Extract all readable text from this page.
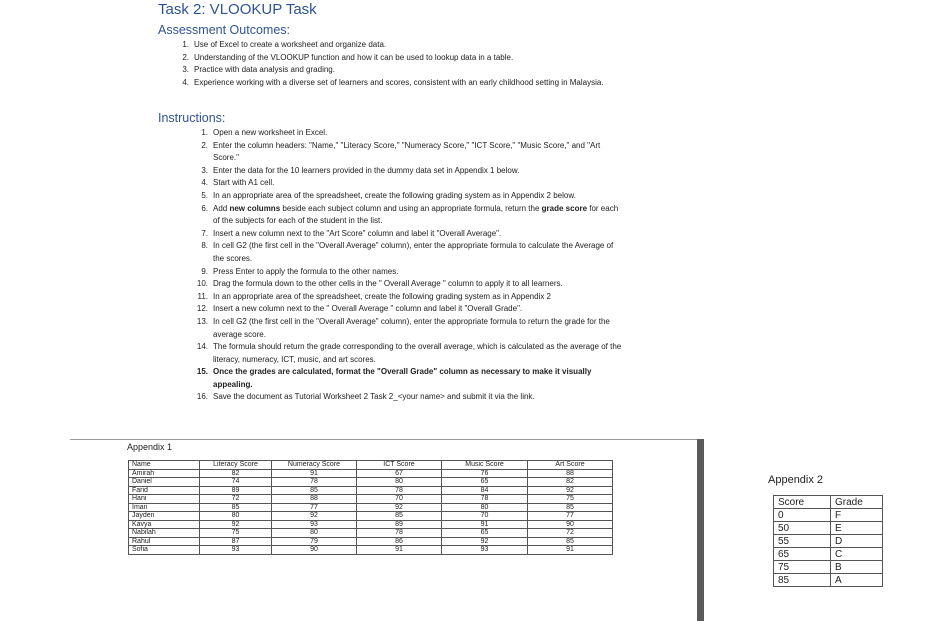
Task 2: VLOOKUP Task
Assessment Outcomes:
1. Use of Excel to create a worksheet and organize data.
2. Understanding of the VLOOKUP function and how it can be used to lookup data in a table.
3. Practice with data analysis and grading.
4. Experience working with a diverse set of learners and scores, consistent with an early childhood setting in Malaysia.
Instructions:
1. Open a new worksheet in Excel.
2. Enter the column headers: "Name," "Literacy Score," "Numeracy Score," "ICT Score," "Music Score," and "Art Score."
3. Enter the data for the 10 learners provided in the dummy data set in Appendix 1 below.
4. Start with A1 cell.
5. In an appropriate area of the spreadsheet, create the following grading system as in Appendix 2 below.
6. Add new columns beside each subject column and using an appropriate formula, return the grade score for each of the subjects for each of the student in the list.
7. Insert a new column next to the "Art Score" column and label it "Overall Average".
8. In cell G2 (the first cell in the "Overall Average" column), enter the appropriate formula to calculate the Average of the scores.
9. Press Enter to apply the formula to the other names.
10. Drag the formula down to the other cells in the " Overall Average " column to apply it to all learners.
11. In an appropriate area of the spreadsheet, create the following grading system as in Appendix 2
12. Insert a new column next to the " Overall Average " column and label it "Overall Grade".
13. In cell G2 (the first cell in the "Overall Average" column), enter the appropriate formula to return the grade for the average score.
14. The formula should return the grade corresponding to the overall average, which is calculated as the average of the literacy, numeracy, ICT, music, and art scores.
15. Once the grades are calculated, format the "Overall Grade" column as necessary to make it visually appealing.
16. Save the document as Tutorial Worksheet 2 Task 2_<your name> and submit it via the link.
Appendix 1
Name	Literacy Score	Numeracy Score	ICT Score	Music Score	Art Score
Amirah	82	91	67	76	88
Daniel	74	78	80	65	82
Farid	89	85	78	84	92
Hani	72	88	70	78	75
Iman	85	77	92	80	85
Jayden	80	92	85	70	77
Kavya	92	93	89	91	90
Nabilah	75	80	78	65	72
Rahul	87	79	86	92	85
Sofia	93	90	91	93	91
Appendix 2
Score	Grade
0	F
50	E
55	D
65	C
75	B
85	A
